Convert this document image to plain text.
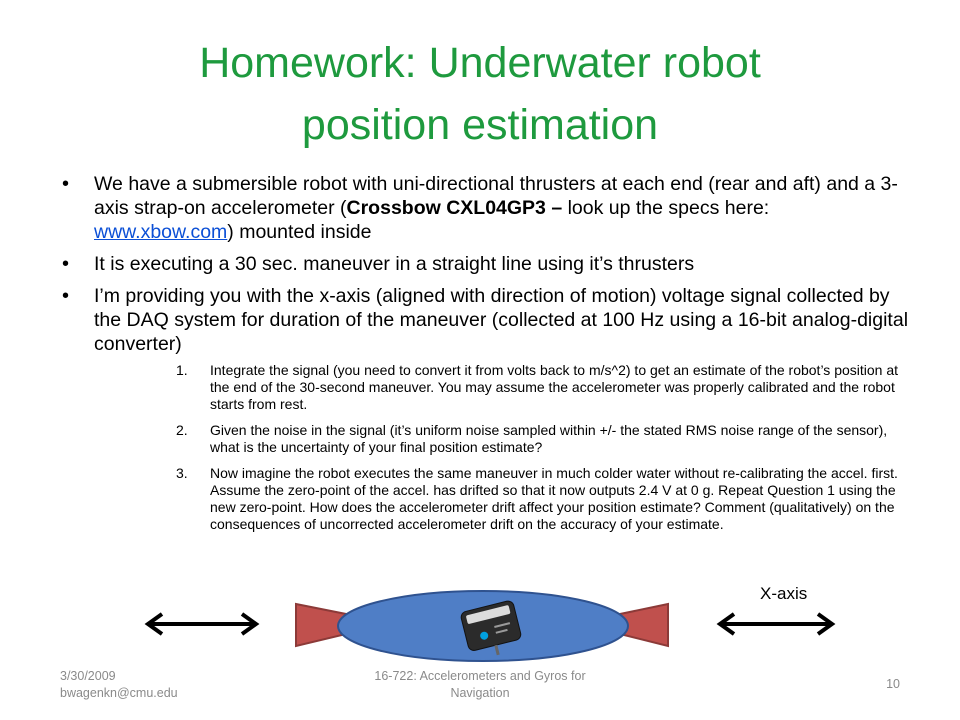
Homework: Underwater robot
position estimation
• We have a submersible robot with uni-directional thrusters at each end (rear and aft) and a 3-axis strap-on accelerometer (Crossbow CXL04GP3 – look up the specs here: www.xbow.com) mounted inside
• It is executing a 30 sec. maneuver in a straight line using it’s thrusters
• I’m providing you with the x-axis (aligned with direction of motion) voltage signal collected by the DAQ system for duration of the maneuver (collected at 100 Hz using a 16-bit analog-digital converter)
1. Integrate the signal (you need to convert it from volts back to m/s^2) to get an estimate of the robot’s position at the end of the 30-second maneuver. You may assume the accelerometer was properly calibrated and the robot starts from rest.
2. Given the noise in the signal (it’s uniform noise sampled within +/- the stated RMS noise range of the sensor), what is the uncertainty of your final position estimate?
3. Now imagine the robot executes the same maneuver in much colder water without re-calibrating the accel. first. Assume the zero-point of the accel. has drifted so that it now outputs 2.4 V at 0 g. Repeat Question 1 using the new zero-point. How does the accelerometer drift affect your position estimate? Comment (qualitatively) on the consequences of uncorrected accelerometer drift on the accuracy of your estimate.
X-axis
3/30/2009
bwagenkn@cmu.edu
16-722: Accelerometers and Gyros for
Navigation
10
